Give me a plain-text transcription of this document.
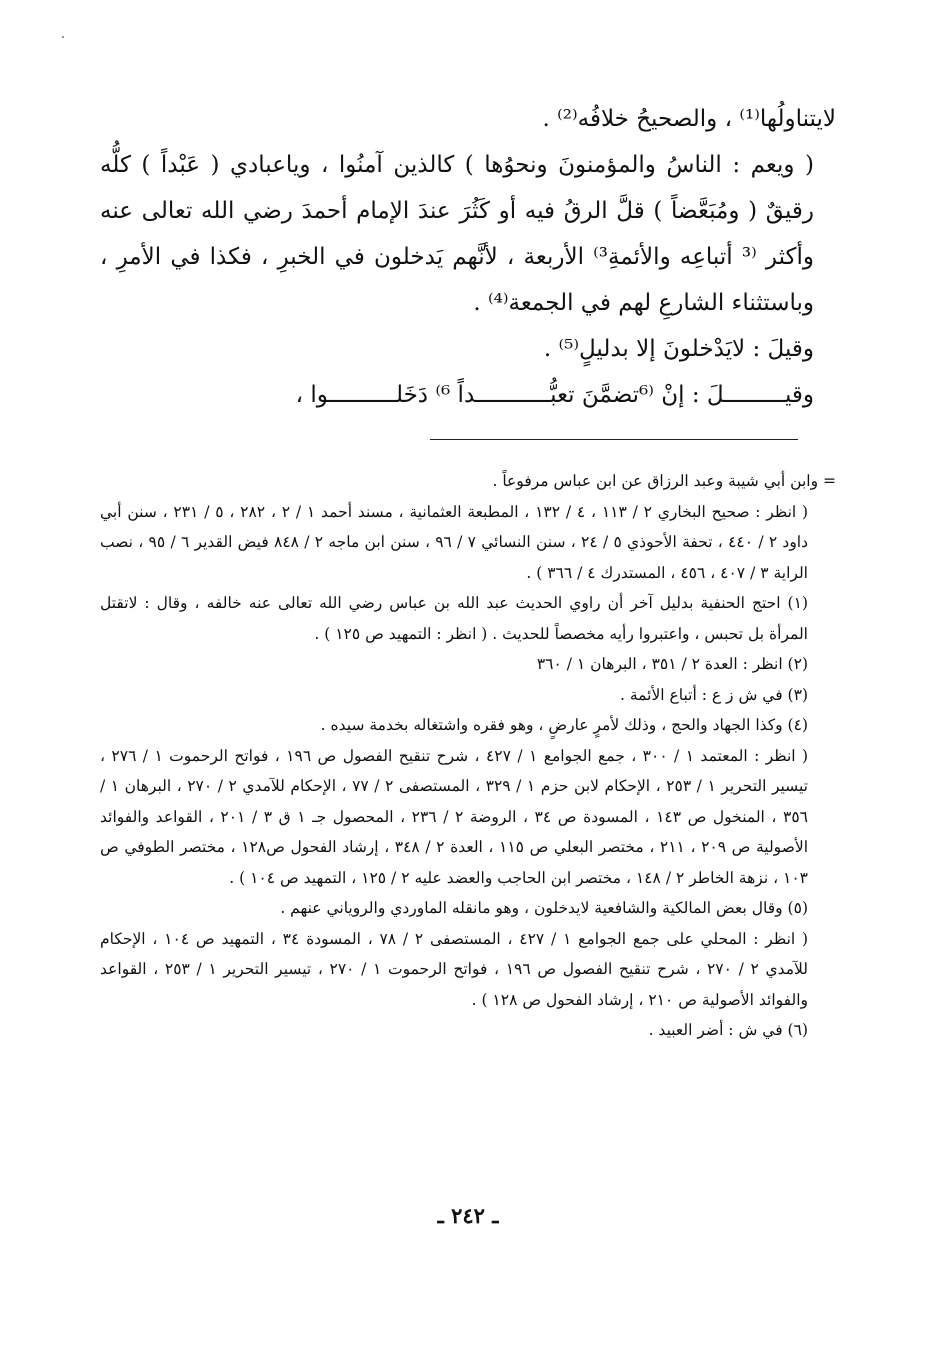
لايتناولُها⁽¹⁾ ، والصحيحُ خلافُه⁽²⁾ .

( ويعم : الناسُ والمؤمنونَ ونحوُها ) كالذين آمنُوا ، وياعبادي ( عَبْداً ) كلُّه رقيقٌ ( ومُبَعَّضاً ) قلَّ الرقُ فيه أو كَثُرَ عندَ الإمام أحمدَ رضي الله تعالى عنه وأكثر ⁽³ أتباعِه والأئمةِ³⁾ الأربعة ، لأنَّهم يَدخلون في الخبرِ ، فكذا في الأمرِ ، وباستثناء الشارعِ لهم في الجمعة⁽⁴⁾ .

وقيلَ : لايَدْخلونَ إلا بدليلٍ⁽⁵⁾ .

وقيـــــــــلَ : إنْ ⁽⁶تضمَّنَ تعبُّـــــــــــداً ⁶⁾ دَخَلــــــــــوا ،

= وابن أبي شيبة وعبد الرزاق عن ابن عباس مرفوعاً .

( انظر : صحيح البخاري ٢ / ١١٣ ، ٤ / ١٣٢ ، المطبعة العثمانية ، مسند أحمد ١ / ٢ ، ٢٨٢ ، ٥ / ٢٣١ ، سنن أبي داود ٢ / ٤٤٠ ، تحفة الأحوذي ٥ / ٢٤ ، سنن النسائي ٧ / ٩٦ ، سنن ابن ماجه ٢ / ٨٤٨ فيض القدير ٦ / ٩٥ ، نصب الراية ٣ / ٤٠٧ ، ٤٥٦ ، المستدرك ٤ / ٣٦٦ ) .

(١) احتج الحنفية بدليل آخر أن راوي الحديث عبد الله بن عباس رضي الله تعالى عنه خالفه ، وقال : لاتقتل المرأة بل تحبس ، واعتبروا رأيه مخصصاً للحديث . ( انظر : التمهيد ص ١٢٥ ) .

(٢) انظر : العدة ٢ / ٣٥١ ، البرهان ١ / ٣٦٠

(٣) في ش ز ع : أتباع الأئمة .

(٤) وكذا الجهاد والحج ، وذلك لأمرٍ عارضٍ ، وهو فقره واشتغاله بخدمة سيده .

( انظر : المعتمد ١ / ٣٠٠ ، جمع الجوامع ١ / ٤٢٧ ، شرح تنقيح الفصول ص ١٩٦ ، فواتح الرحموت ١ / ٢٧٦ ، تيسير التحرير ١ / ٢٥٣ ، الإحكام لابن حزم ١ / ٣٢٩ ، المستصفى ٢ / ٧٧ ، الإحكام للآمدي ٢ / ٢٧٠ ، البرهان ١ / ٣٥٦ ، المنخول ص ١٤٣ ، المسودة ص ٣٤ ، الروضة ٢ / ٢٣٦ ، المحصول جـ ١ ق ٣ / ٢٠١ ، القواعد والفوائد الأصولية ص ٢٠٩ ، ٢١١ ، مختصر البعلي ص ١١٥ ، العدة ٢ / ٣٤٨ ، إرشاد الفحول ص١٢٨ ، مختصر الطوفي ص ١٠٣ ، نزهة الخاطر ٢ / ١٤٨ ، مختصر ابن الحاجب والعضد عليه ٢ / ١٢٥ ، التمهيد ص ١٠٤ ) .

(٥) وقال بعض المالكية والشافعية لايدخلون ، وهو مانقله الماوردي والروياني عنهم .

( انظر : المحلي على جمع الجوامع ١ / ٤٢٧ ، المستصفى ٢ / ٧٨ ، المسودة ٣٤ ، التمهيد ص ١٠٤ ، الإحكام للآمدي ٢ / ٢٧٠ ، شرح تنقيح الفصول ص ١٩٦ ، فواتح الرحموت ١ / ٢٧٠ ، تيسير التحرير ١ / ٢٥٣ ، القواعد والفوائد الأصولية ص ٢١٠ ، إرشاد الفحول ص ١٢٨ ) .

(٦) في ش : أضر العبيد .

ـ ٢٤٢ ـ
